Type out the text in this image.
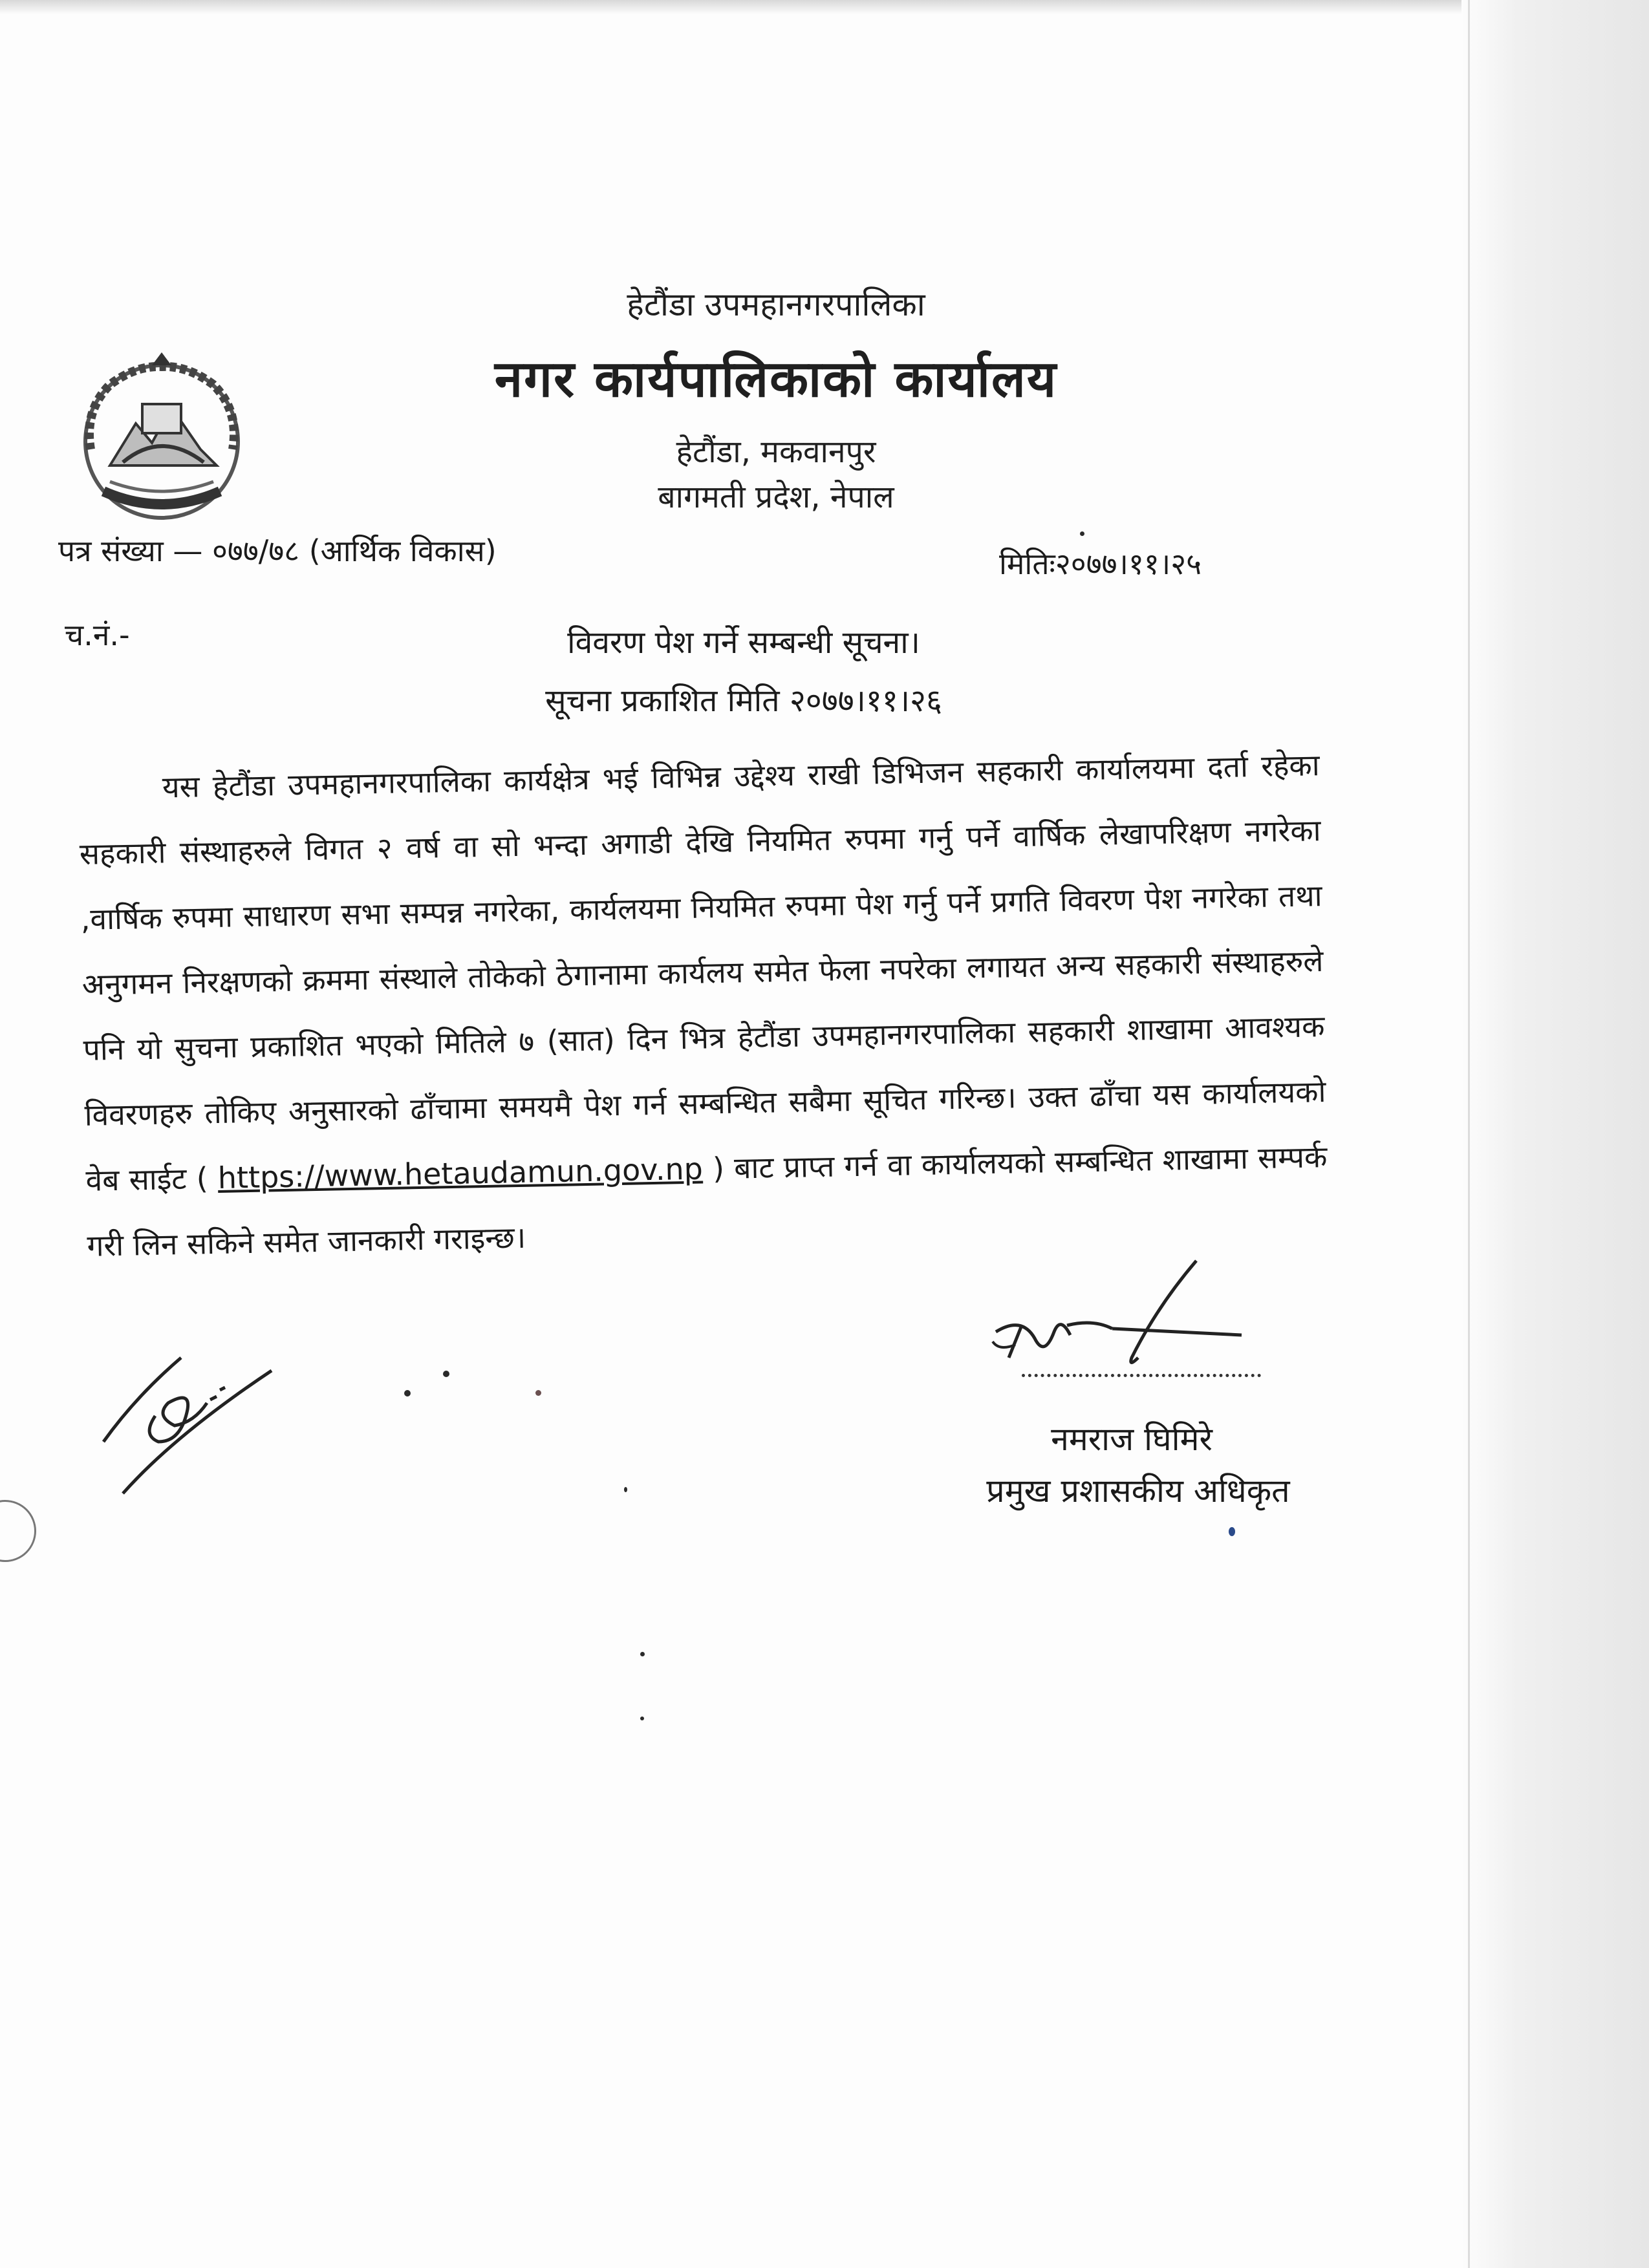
हेटौंडा उपमहानगरपालिका
नगर कार्यपालिकाको कार्यालय
हेटौंडा, मकवानपुर
बागमती प्रदेश, नेपाल
पत्र संख्या — ०७७/७८ (आर्थिक विकास)	मितिः२०७७।११।२५
च.नं.-	विवरण पेश गर्ने सम्बन्धी सूचना।
सूचना प्रकाशित मिति २०७७।११।२६
यस हेटौंडा उपमहानगरपालिका कार्यक्षेत्र भई विभिन्न उद्देश्य राखी डिभिजन सहकारी कार्यालयमा दर्ता रहेका सहकारी संस्थाहरुले विगत २ वर्ष वा सो भन्दा अगाडी देखि नियमित रुपमा गर्नु पर्ने वार्षिक लेखापरिक्षण नगरेका ,वार्षिक रुपमा साधारण सभा सम्पन्न नगरेका, कार्यलयमा नियमित रुपमा पेश गर्नु पर्ने प्रगति विवरण पेश नगरेका तथा अनुगमन निरक्षणको क्रममा संस्थाले तोकेको ठेगानामा कार्यलय समेत फेला नपरेका लगायत अन्य सहकारी संस्थाहरुले पनि यो सुचना प्रकाशित भएको मितिले ७ (सात) दिन भित्र हेटौंडा उपमहानगरपालिका सहकारी शाखामा आवश्यक विवरणहरु तोकिए अनुसारको ढाँचामा समयमै पेश गर्न सम्बन्धित सबैमा सूचित गरिन्छ। उक्त ढाँचा यस कार्यालयको वेब साईट ( https://www.hetaudamun.gov.np ) बाट प्राप्त गर्न वा कार्यालयको सम्बन्धित शाखामा सम्पर्क गरी लिन सकिने समेत जानकारी गराइन्छ।
नमराज घिमिरे
प्रमुख प्रशासकीय अधिकृत
